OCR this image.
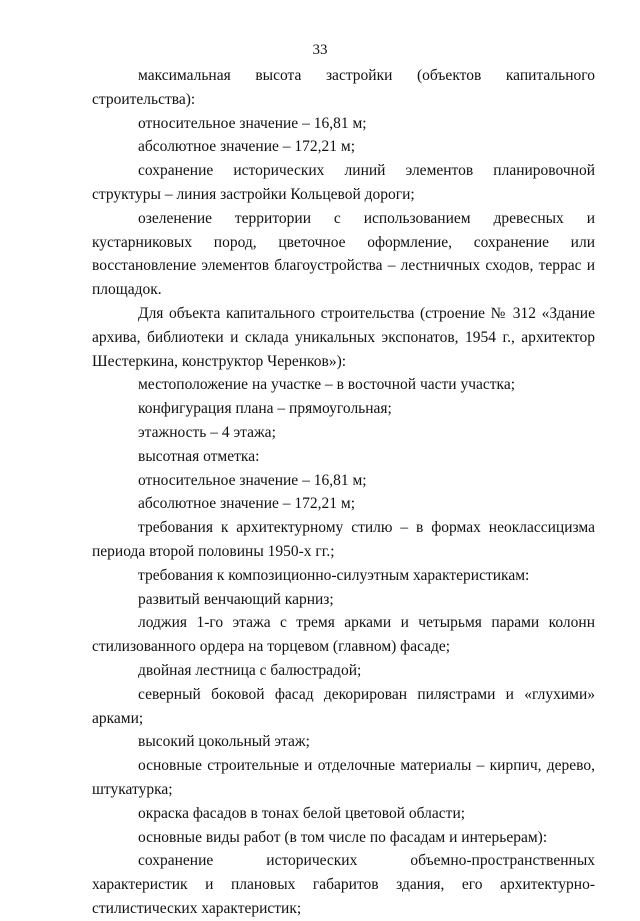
33

максимальная высота застройки (объектов капитального строительства):

относительное значение – 16,81 м;

абсолютное значение – 172,21 м;

сохранение исторических линий элементов планировочной структуры – линия застройки Кольцевой дороги;

озеленение территории с использованием древесных и кустарниковых пород, цветочное оформление, сохранение или восстановление элементов благоустройства – лестничных сходов, террас и площадок.

Для объекта капитального строительства (строение № 312 «Здание архива, библиотеки и склада уникальных экспонатов, 1954 г., архитектор Шестеркина, конструктор Черенков»):

местоположение на участке – в восточной части участка;

конфигурация плана – прямоугольная;

этажность – 4 этажа;

высотная отметка:

относительное значение – 16,81 м;

абсолютное значение – 172,21 м;

требования к архитектурному стилю – в формах неоклассицизма периода второй половины 1950-х гг.;

требования к композиционно-силуэтным характеристикам:

развитый венчающий карниз;

лоджия 1-го этажа с тремя арками и четырьмя парами колонн стилизованного ордера на торцевом (главном) фасаде;

двойная лестница с балюстрадой;

северный боковой фасад декорирован пилястрами и «глухими» арками;

высокий цокольный этаж;

основные строительные и отделочные материалы – кирпич, дерево, штукатурка;

окраска фасадов в тонах белой цветовой области;

основные виды работ (в том числе по фасадам и интерьерам):

сохранение исторических объемно-пространственных характеристик и плановых габаритов здания, его архитектурно-стилистических характеристик;
